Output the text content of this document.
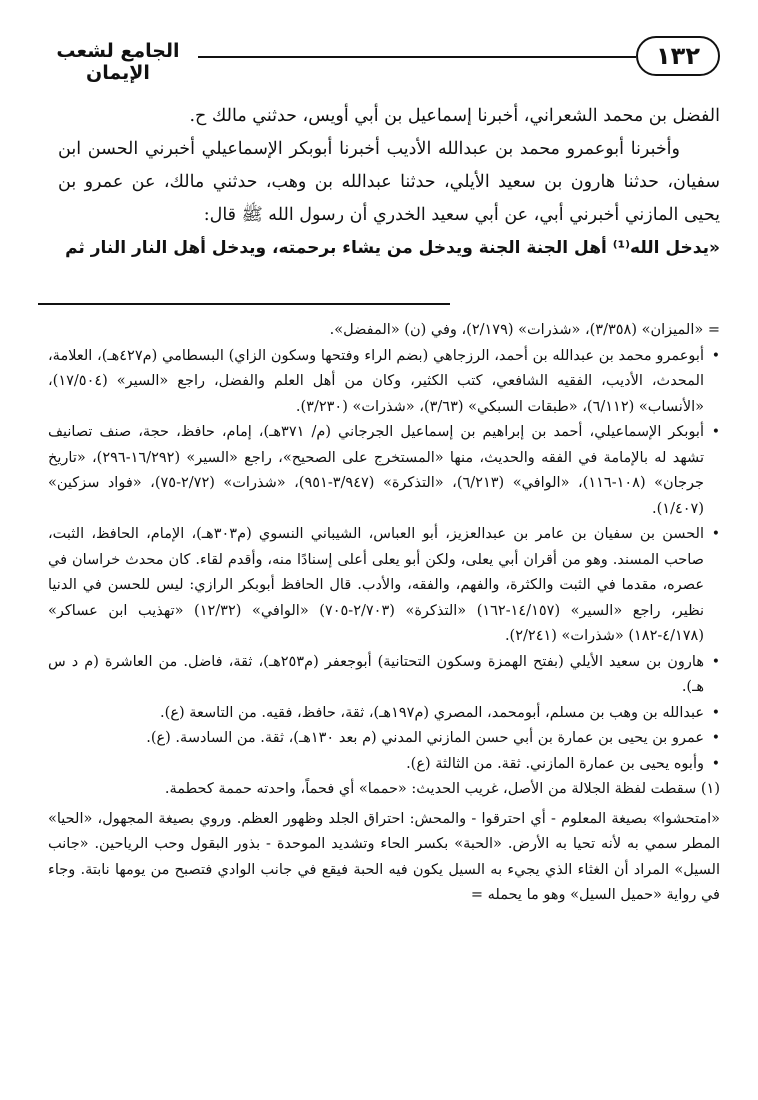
١٣٢
الجامع لشعب الإيمان

الفضل بن محمد الشعراني، أخبرنا إسماعيل بن أبي أويس، حدثني مالك ح.

وأخبرنا أبوعمرو محمد بن عبدالله الأديب أخبرنا أبوبكر الإسماعيلي أخبرني الحسن ابن سفيان، حدثنا هارون بن سعيد الأيلي، حدثنا عبدالله بن وهب، حدثني مالك، عن عمرو بن يحيى المازني أخبرني أبي، عن أبي سعيد الخدري أن رسول الله ﷺ قال:

«يدخل الله⁽¹⁾ أهل الجنة الجنة ويدخل من يشاء برحمته، ويدخل أهل النار النار ثم

= «الميزان» (٣/٣٥٨)، «شذرات» (٢/١٧٩)، وفي (ن) «المفضل».

•
أبوعمرو محمد بن عبدالله بن أحمد، الرزجاهي (بضم الراء وفتحها وسكون الزاي) البسطامي (م٤٢٧هـ)، العلامة، المحدث، الأديب، الفقيه الشافعي، كتب الكثير، وكان من أهل العلم والفضل، راجع «السير» (١٧/٥٠٤)، «الأنساب» (٦/١١٢)، «طبقات السبكي» (٣/٦٣)، «شذرات» (٣/٢٣٠).

•
أبوبكر الإسماعيلي، أحمد بن إبراهيم بن إسماعيل الجرجاني (م/ ٣٧١هـ)، إمام، حافظ، حجة، صنف تصانيف تشهد له بالإمامة في الفقه والحديث، منها «المستخرج على الصحيح»، راجع «السير» (١٦/٢٩٢-٢٩٦)، «تاريخ جرجان» (١٠٨-١١٦)، «الوافي» (٦/٢١٣)، «التذكرة» (٣/٩٤٧-٩٥١)، «شذرات» (٢/٧٢-٧٥)، «فواد سزكين» (١/٤٠٧).

•
الحسن بن سفيان بن عامر بن عبدالعزيز، أبو العباس، الشيباني النسوي (م٣٠٣هـ)، الإمام، الحافظ، الثبت، صاحب المسند. وهو من أقران أبي يعلى، ولكن أبو يعلى أعلى إسنادًا منه، وأقدم لقاء. كان محدث خراسان في عصره، مقدما في الثبت والكثرة، والفهم، والفقه، والأدب. قال الحافظ أبوبكر الرازي: ليس للحسن في الدنيا نظير، راجع «السير» (١٤/١٥٧-١٦٢) «التذكرة» (٢/٧٠٣-٧٠٥) «الوافي» (١٢/٣٢) «تهذيب ابن عساكر» (٤/١٧٨-١٨٢) «شذرات» (٢/٢٤١).

•
هارون بن سعيد الأيلي (بفتح الهمزة وسكون التحتانية) أبوجعفر (م٢٥٣هـ)، ثقة، فاضل. من العاشرة (م د س هـ).

•
عبدالله بن وهب بن مسلم، أبومحمد، المصري (م١٩٧هـ)، ثقة، حافظ، فقيه. من التاسعة (ع).

•
عمرو بن يحيى بن عمارة بن أبي حسن المازني المدني (م بعد ١٣٠هـ)، ثقة. من السادسة. (ع).

•
وأبوه يحيى بن عمارة المازني. ثقة. من الثالثة (ع).

(١) سقطت لفظة الجلالة من الأصل، غريب الحديث: «حمما» أي فحماً، واحدته حممة كحطمة.

«امتحشوا» بصيغة المعلوم - أي احترقوا - والمحش: احتراق الجلد وظهور العظم. وروي بصيغة المجهول، «الحيا» المطر سمي به لأنه تحيا به الأرض. «الحبة» بكسر الحاء وتشديد الموحدة - بذور البقول وحب الرياحين. «جانب السيل» المراد أن الغثاء الذي يجيء به السيل يكون فيه الحبة فيقع في جانب الوادي فتصبح من يومها نابتة. وجاء في رواية «حميل السيل» وهو ما يحمله =
